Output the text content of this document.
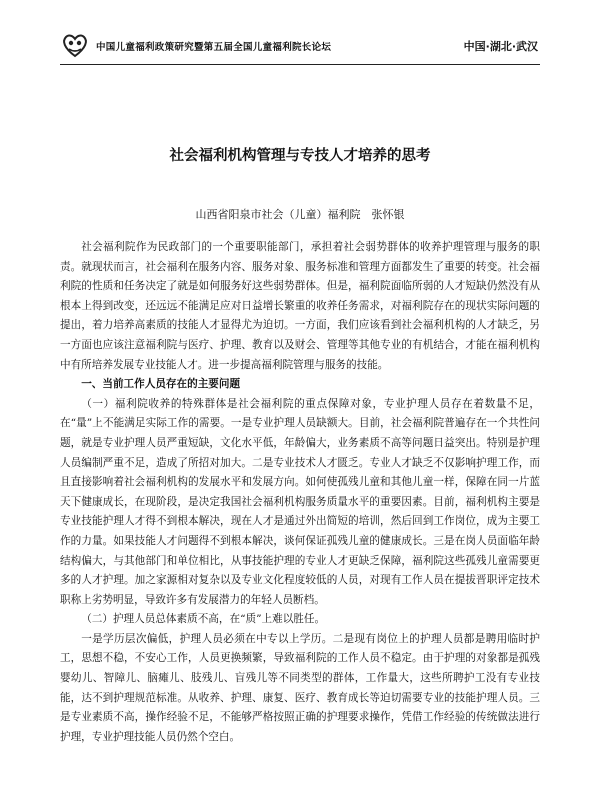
中国儿童福利政策研究暨第五届全国儿童福利院长论坛	中国·湖北·武汉
社会福利机构管理与专技人才培养的思考
山西省阳泉市社会（儿童）福利院　张怀银

社会福利院作为民政部门的一个重要职能部门，承担着社会弱势群体的收养护理管理与服务的职责。就现状而言，社会福利在服务内容、服务对象、服务标准和管理方面都发生了重要的转变。社会福利院的性质和任务决定了就是如何服务好这些弱势群体。但是，福利院面临所弱的人才短缺仍然没有从根本上得到改变，还远远不能满足应对日益增长繁重的收养任务需求，对福利院存在的现状实际问题的提出，着力培养高素质的技能人才显得尤为迫切。一方面，我们应该看到社会福利机构的人才缺乏，另一方面也应该注意福利院与医疗、护理、教育以及财会、管理等其他专业的有机结合，才能在福利机构中有所培养发展专业技能人才。进一步提高福利院管理与服务的技能。

一、当前工作人员存在的主要问题

（一）福利院收养的特殊群体是社会福利院的重点保障对象，专业护理人员存在着数量不足，在“量”上不能满足实际工作的需要。一是专业护理人员缺额大。目前，社会福利院普遍存在一个共性问题，就是专业护理人员严重短缺，文化水平低，年龄偏大，业务素质不高等问题日益突出。特别是护理人员编制严重不足，造成了所招对加大。二是专业技术人才匮乏。专业人才缺乏不仅影响护理工作，而且直接影响着社会福利机构的发展水平和发展方向。如何使孤残儿童和其他儿童一样，保障在同一片蓝天下健康成长，在现阶段，是决定我国社会福利机构服务质量水平的重要因素。目前，福利机构主要是专业技能护理人才得不到根本解决，现在人才是通过外出简短的培训，然后回到工作岗位，成为主要工作的力量。如果技能人才问题得不到根本解决，谈何保证孤残儿童的健康成长。三是在岗人员面临年龄结构偏大，与其他部门和单位相比，从事技能护理的专业人才更缺乏保障，福利院这些孤残儿童需要更多的人才护理。加之家源相对复杂以及专业文化程度较低的人员，对现有工作人员在提拔晋职评定技术职称上劣势明显，导致许多有发展潜力的年轻人员断档。

（二）护理人员总体素质不高，在“质”上难以胜任。

一是学历层次偏低，护理人员必须在中专以上学历。二是现有岗位上的护理人员都是聘用临时护工，思想不稳，不安心工作，人员更换频繁，导致福利院的工作人员不稳定。由于护理的对象都是孤残婴幼儿、智障儿、脑瘫儿、肢残儿、盲残儿等不同类型的群体，工作量大，这些所聘护工没有专业技能，达不到护理规范标准。从收养、护理、康复、医疗、教育成长等迫切需要专业的技能护理人员。三是专业素质不高，操作经验不足，不能够严格按照正确的护理要求操作，凭借工作经验的传统做法进行护理，专业护理技能人员仍然个空白。
